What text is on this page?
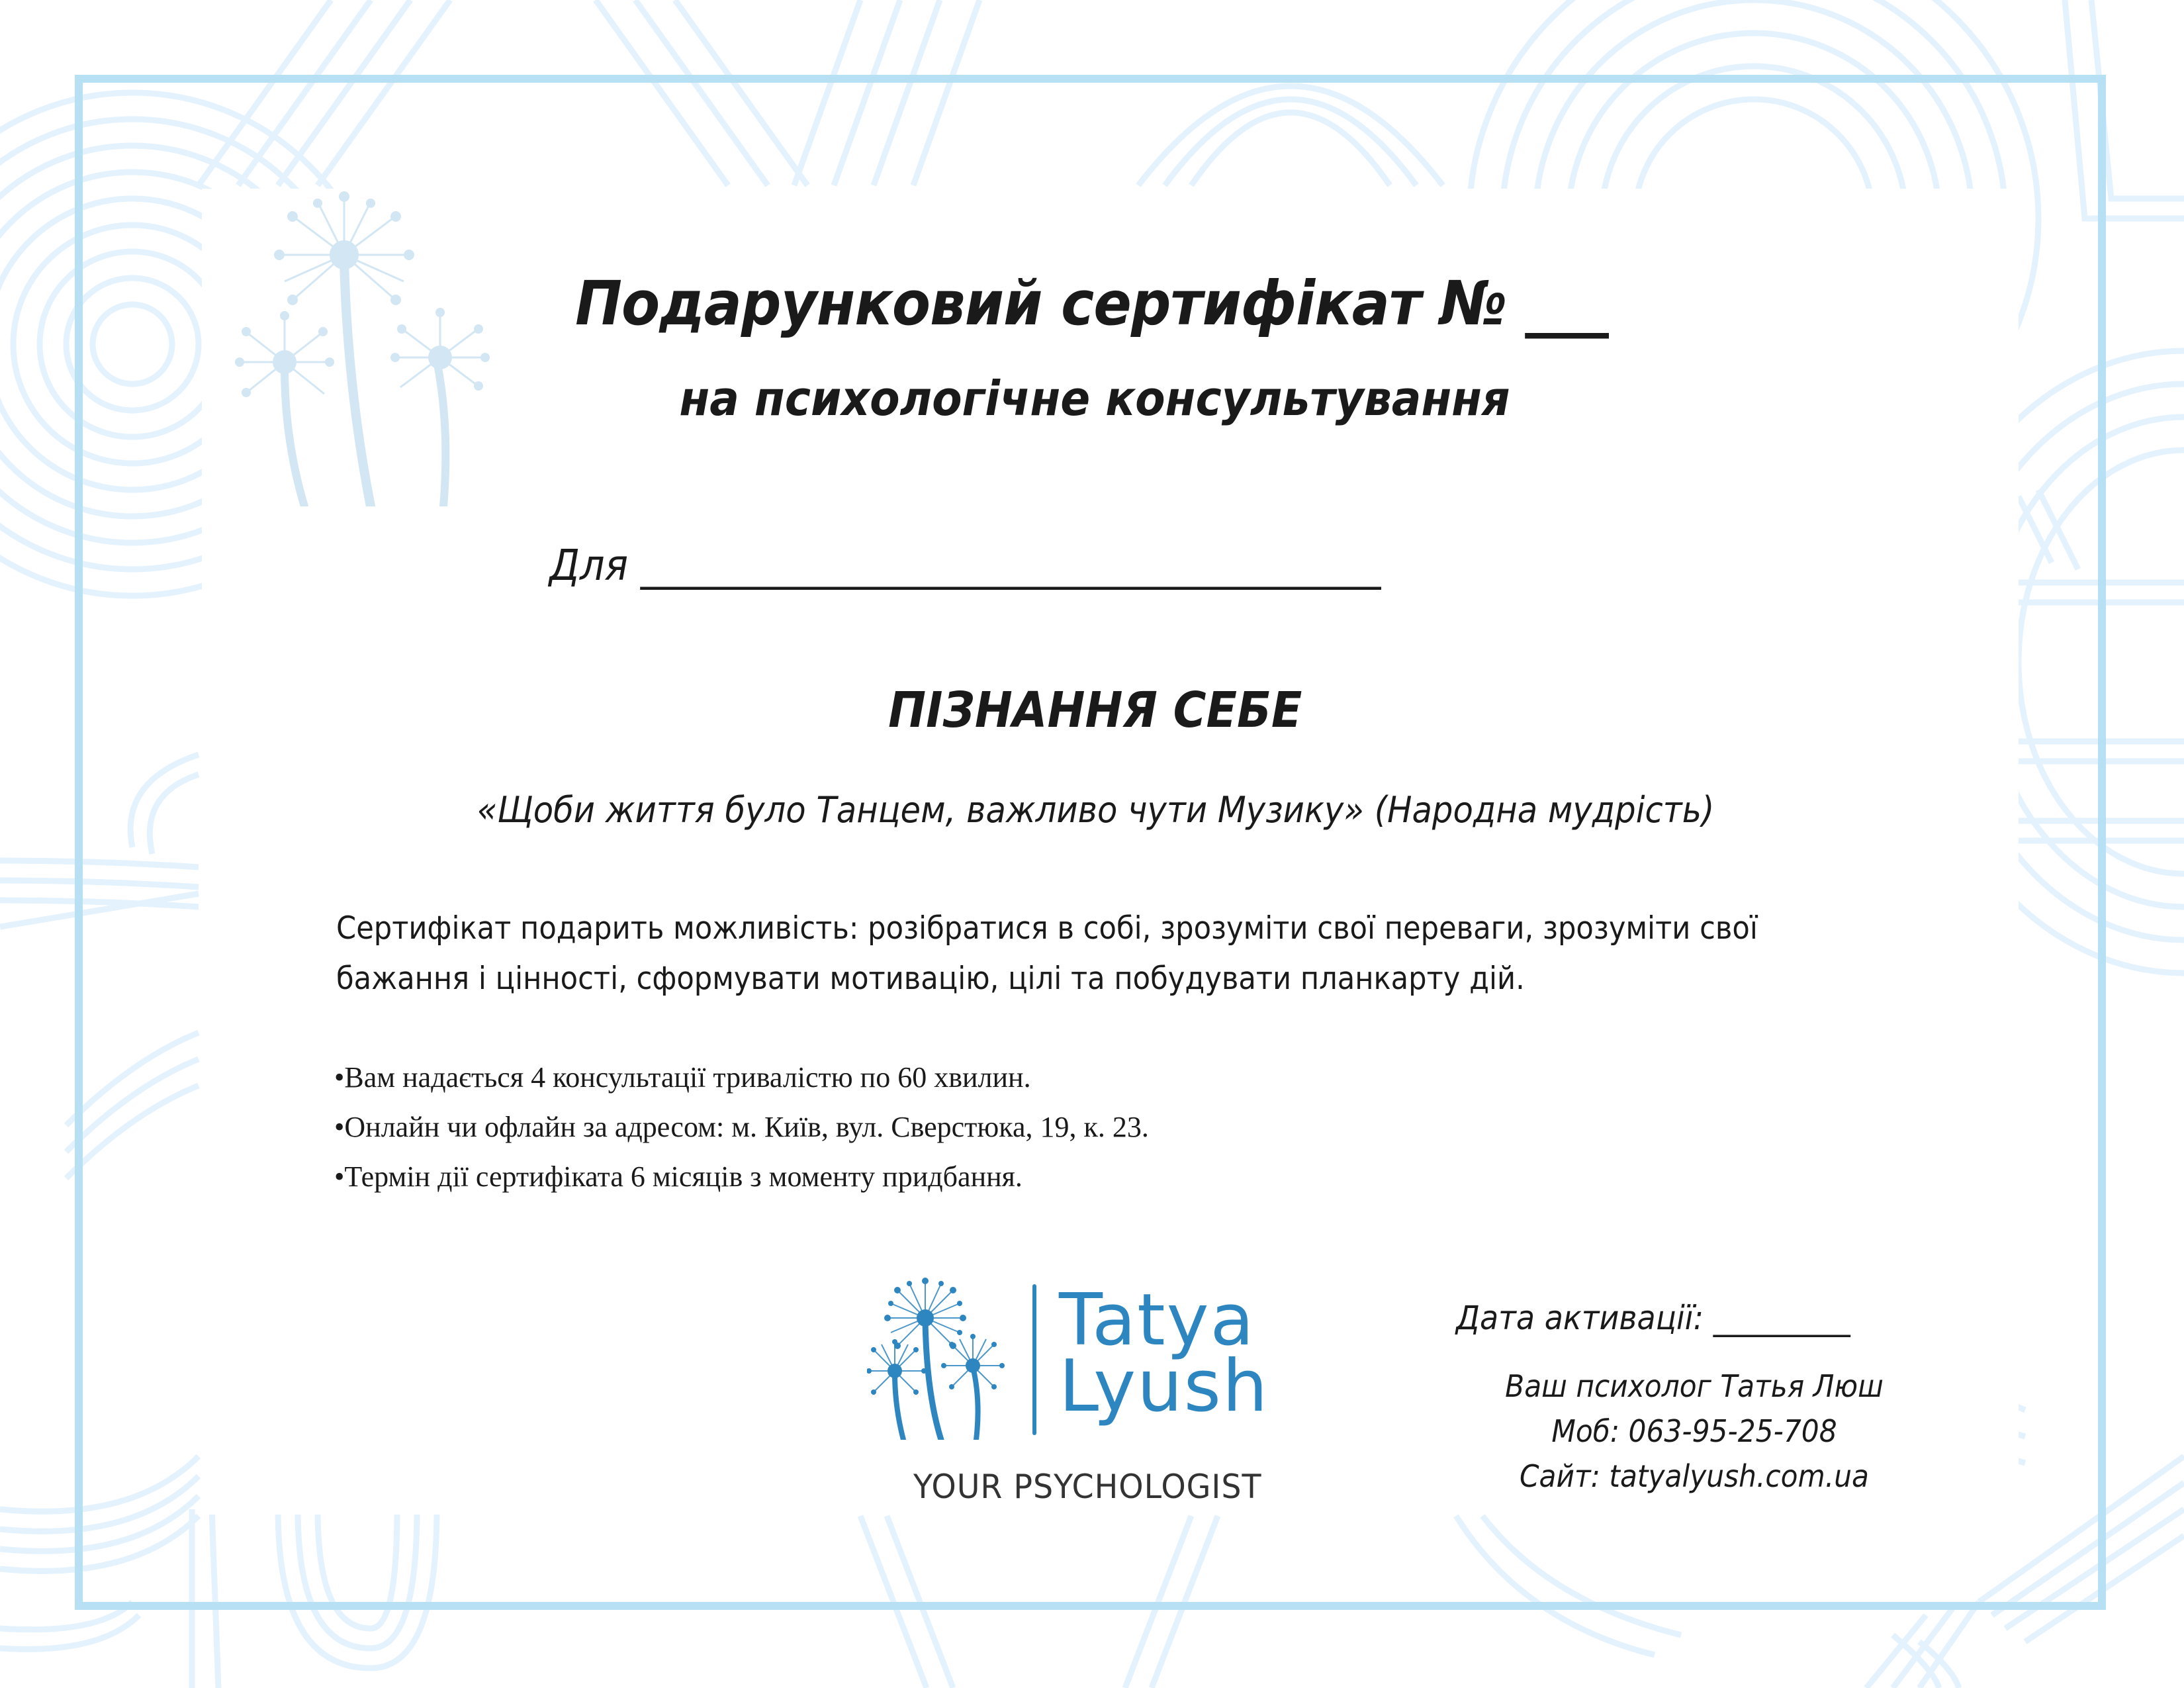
Подарунковий сертифікат № ___
на психологічне консультування
Для ______________________________________
ПІЗНАННЯ СЕБЕ
«Щоби життя було Танцем, важливо чути Музику» (Народна мудрість)
Сертифікат подарить можливість: розібратися в собі, зрозуміти свої переваги, зрозуміти свої
бажання і цінності, сформувати мотивацію, цілі та побудувати планкарту дій.
•Вам надається 4 консультації тривалістю по 60 хвилин.
•Онлайн чи офлайн за адресом: м. Київ, вул. Сверстюка, 19, к. 23.
•Термін дії сертифіката 6 місяців з моменту придбання.
Tatya
Lyush
YOUR PSYCHOLOGIST
Дата активації: _________
Ваш психолог Татья Люш
Моб: 063-95-25-708
Сайт: tatyalyush.com.ua
